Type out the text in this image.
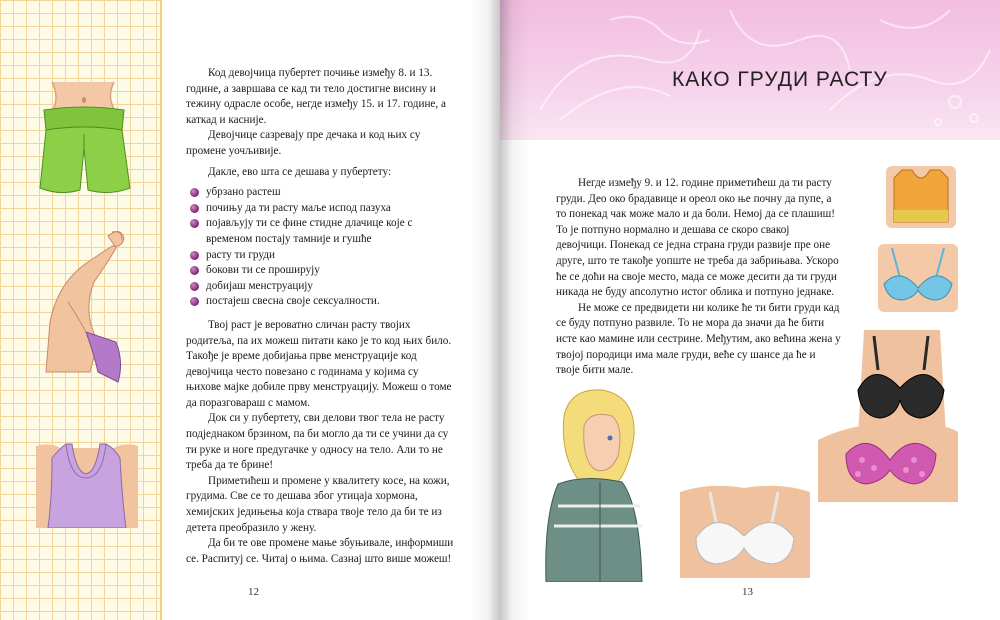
Код девојчица пубертет почиње између 8. и 13. године, а завршава се кад ти тело достигне висину и тежину одрасле особе, негде између 15. и 17. године, а каткад и касније.

Девојчице сазревају пре дечака и код њих су промене уочљивије.

Дакле, ево шта се дешава у пубертету:

убрзано растеш
почињу да ти расту маље испод пазуха
појављују ти се фине стидне длачице које с временом постају тамније и гушће
расту ти груди
бокови ти се проширују
добијаш менструацију
постајеш свесна своје сексуалности.

Твој раст је вероватно сличан расту твојих родитеља, па их можеш питати како је то код њих било. Такође је време добијања прве менструације код девојчица често повезано с годинама у којима су њихове мајке добиле прву менструацију. Можеш о томе да поразговараш с мамом.

Док си у пубертету, сви делови твог тела не расту подједнаком брзином, па би могло да ти се учини да су ти руке и ноге предугачке у односу на тело. Али то не треба да те брине!

Приметићеш и промене у квалитету косе, на кожи, грудима. Све се то дешава због утицаја хормона, хемијских једињења која стварa твоје тело да би те из детета преобразило у жену.

Да би те ове промене мање збуњивале, информиши се. Распитуј се. Читај о њима. Сазнај што више можеш!

12
КАКО ГРУДИ РАСТУ
13

Негде између 9. и 12. године приметићеш да ти расту груди. Део око брадавице и ореол око ње почну да пупе, а то понекад чак може мало и да боли. Немој да се плашиш! То је потпуно нормално и дешава се скоро свакој девојчици. Понекад се једна страна груди развије пре оне друге, што те такође уопште не треба да забрињава. Ускоро ће се доћи на своје место, мада се може десити да ти груди никада не буду апсолутно истог облика и потпуно једнаке.

Не може се предвидети ни колике ће ти бити груди кад се буду потпуно развиле. То не мора да значи да ће бити исте као мамине или сестрине. Међутим, ако већина жена у твојој породици има мале груди, веће су шансе да ће и твоје бити мале.
